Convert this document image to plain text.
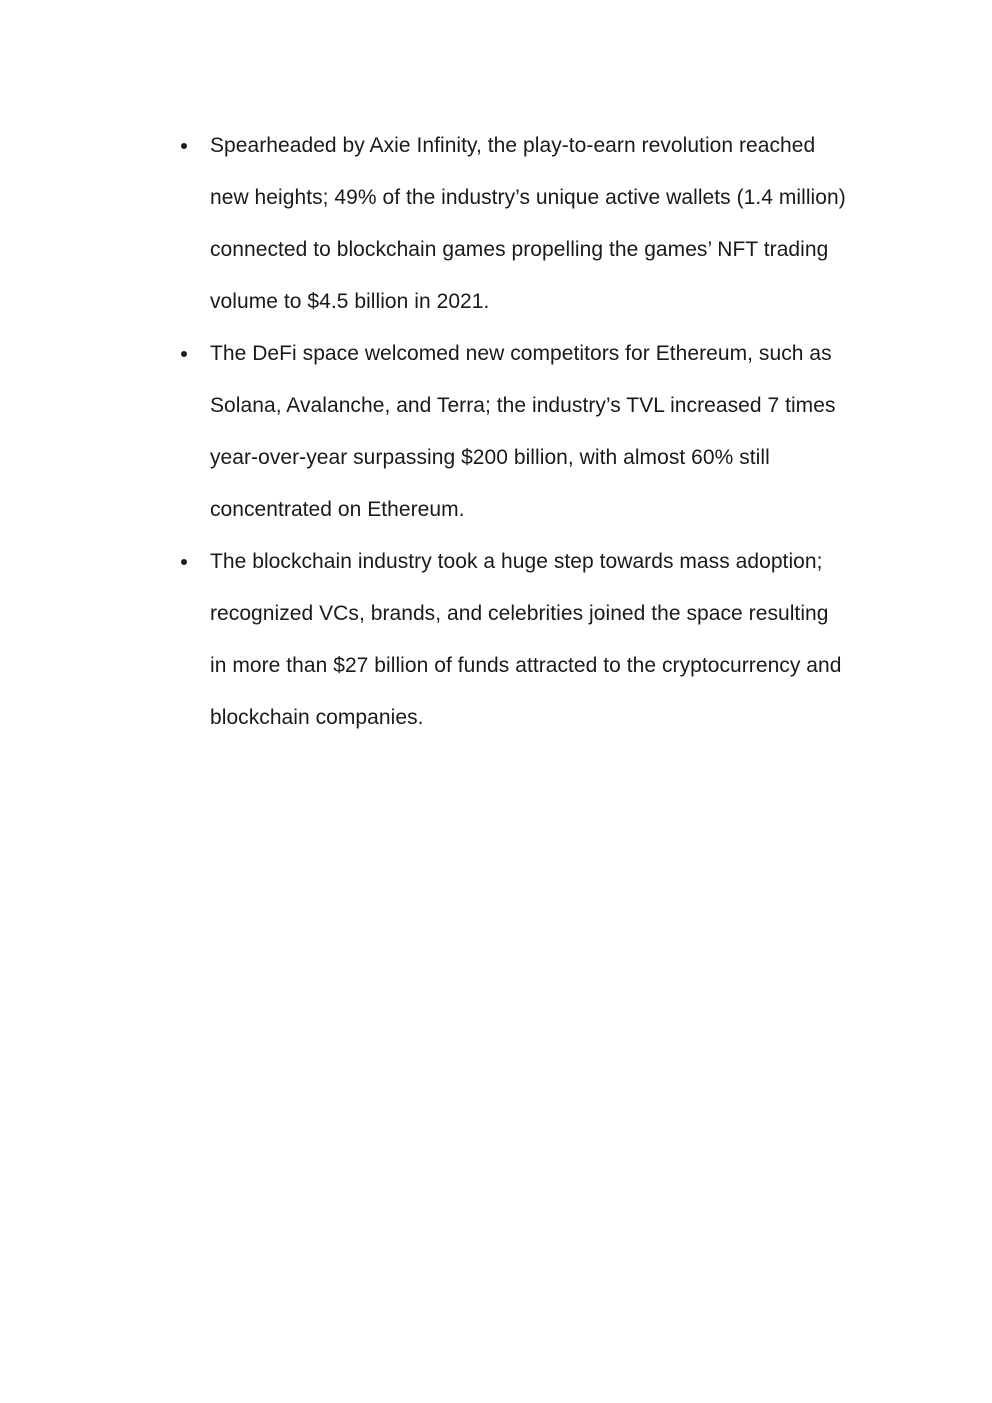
Spearheaded by Axie Infinity, the play-to-earn revolution reached new heights; 49% of the industry’s unique active wallets (1.4 million) connected to blockchain games propelling the games’ NFT trading volume to $4.5 billion in 2021.
The DeFi space welcomed new competitors for Ethereum, such as Solana, Avalanche, and Terra; the industry’s TVL increased 7 times year-over-year surpassing $200 billion, with almost 60% still concentrated on Ethereum.
The blockchain industry took a huge step towards mass adoption; recognized VCs, brands, and celebrities joined the space resulting in more than $27 billion of funds attracted to the cryptocurrency and blockchain companies.
